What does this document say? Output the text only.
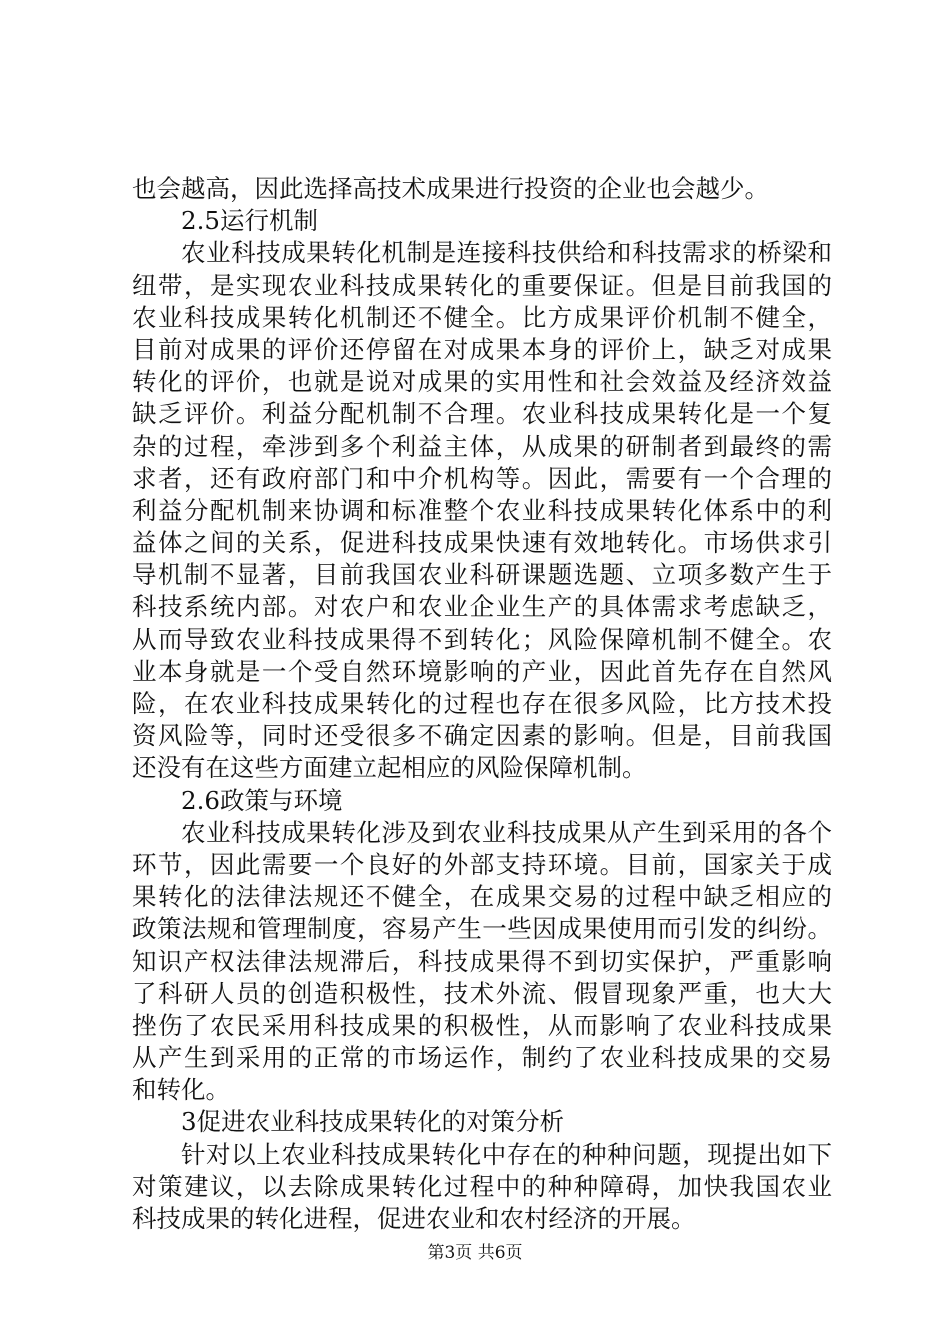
也会越高，因此选择高技术成果进行投资的企业也会越少。
2.5运行机制
农业科技成果转化机制是连接科技供给和科技需求的桥梁和
纽带，是实现农业科技成果转化的重要保证。但是目前我国的
农业科技成果转化机制还不健全。比方成果评价机制不健全，
目前对成果的评价还停留在对成果本身的评价上，缺乏对成果
转化的评价，也就是说对成果的实用性和社会效益及经济效益
缺乏评价。利益分配机制不合理。农业科技成果转化是一个复
杂的过程，牵涉到多个利益主体，从成果的研制者到最终的需
求者，还有政府部门和中介机构等。因此，需要有一个合理的
利益分配机制来协调和标准整个农业科技成果转化体系中的利
益体之间的关系，促进科技成果快速有效地转化。市场供求引
导机制不显著，目前我国农业科研课题选题、立项多数产生于
科技系统内部。对农户和农业企业生产的具体需求考虑缺乏，
从而导致农业科技成果得不到转化；风险保障机制不健全。农
业本身就是一个受自然环境影响的产业，因此首先存在自然风
险，在农业科技成果转化的过程也存在很多风险，比方技术投
资风险等，同时还受很多不确定因素的影响。但是，目前我国
还没有在这些方面建立起相应的风险保障机制。
2.6政策与环境
农业科技成果转化涉及到农业科技成果从产生到采用的各个
环节，因此需要一个良好的外部支持环境。目前，国家关于成
果转化的法律法规还不健全，在成果交易的过程中缺乏相应的
政策法规和管理制度，容易产生一些因成果使用而引发的纠纷。
知识产权法律法规滞后，科技成果得不到切实保护，严重影响
了科研人员的创造积极性，技术外流、假冒现象严重，也大大
挫伤了农民采用科技成果的积极性，从而影响了农业科技成果
从产生到采用的正常的市场运作，制约了农业科技成果的交易
和转化。
3促进农业科技成果转化的对策分析
针对以上农业科技成果转化中存在的种种问题，现提出如下
对策建议，以去除成果转化过程中的种种障碍，加快我国农业
科技成果的转化进程，促进农业和农村经济的开展。
第3页 共6页
